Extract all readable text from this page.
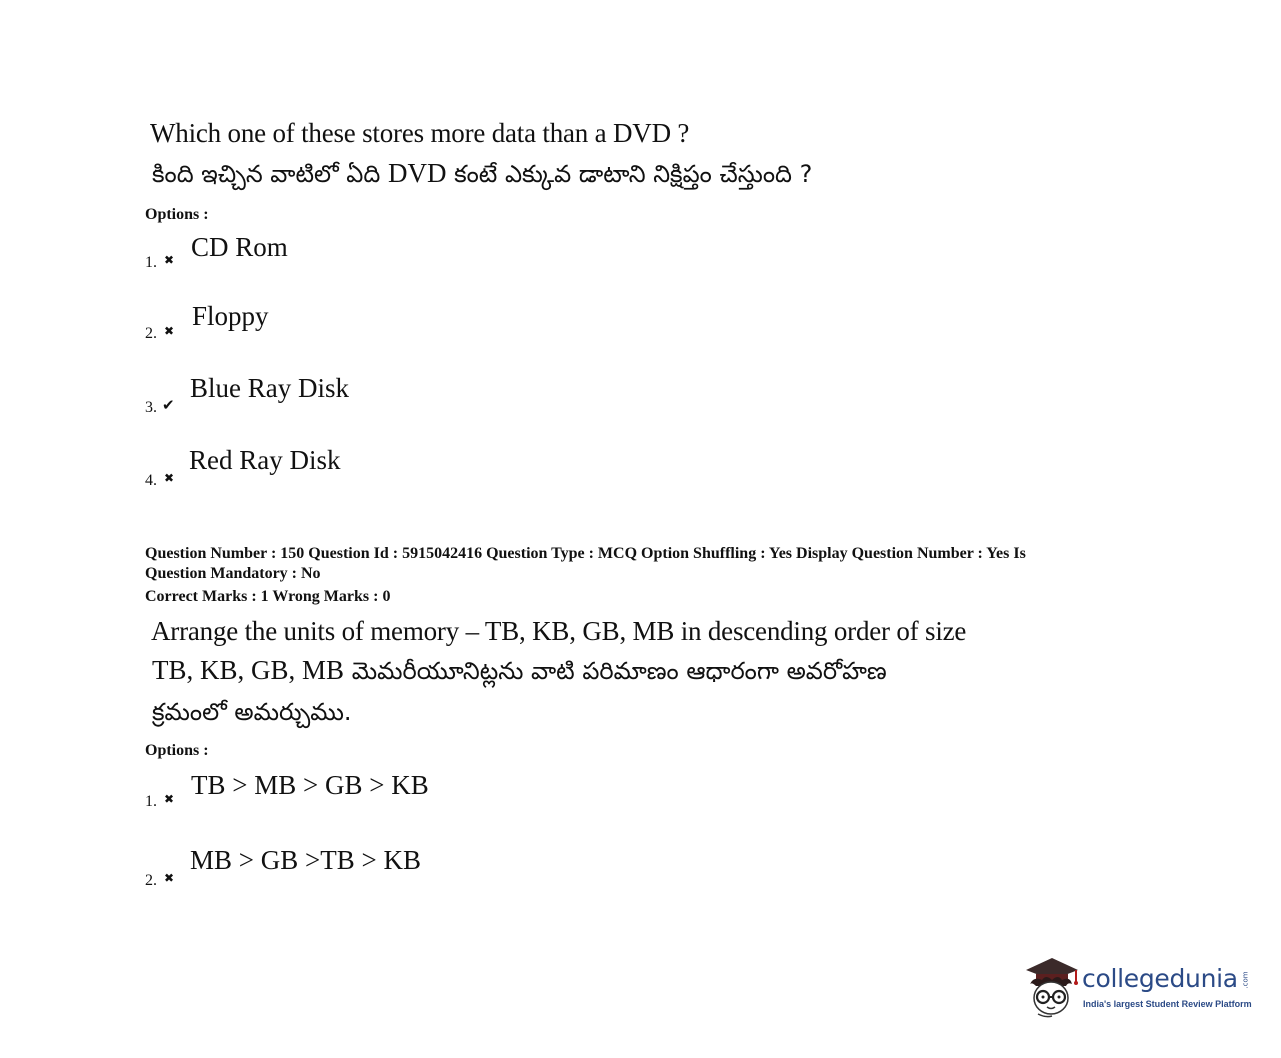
Which one of these stores more data than a DVD ?
కింది ఇచ్చిన వాటిలో ఏది DVD కంటే ఎక్కువ డాటాని నిక్షిప్తం చేస్తుంది ?
Options :
1. ✖ CD Rom
2. ✖ Floppy
3. ✔
Blue Ray Disk
4. ✖
Red Ray Disk
Question Number : 150 Question Id : 5915042416 Question Type : MCQ Option Shuffling : Yes Display Question Number : Yes Is
Question Mandatory : No
Correct Marks : 1 Wrong Marks : 0
Arrange the units of memory – TB, KB, GB, MB in descending order of size
TB, KB, GB, MB మెమరీయూనిట్లను వాటి పరిమాణం ఆధారంగా అవరోహణ
క్రమంలో అమర్చుము.
Options :
1. ✖ TB > MB > GB > KB
2. ✖
MB > GB >TB > KB
collegedunia .com
India's largest Student Review Platform
